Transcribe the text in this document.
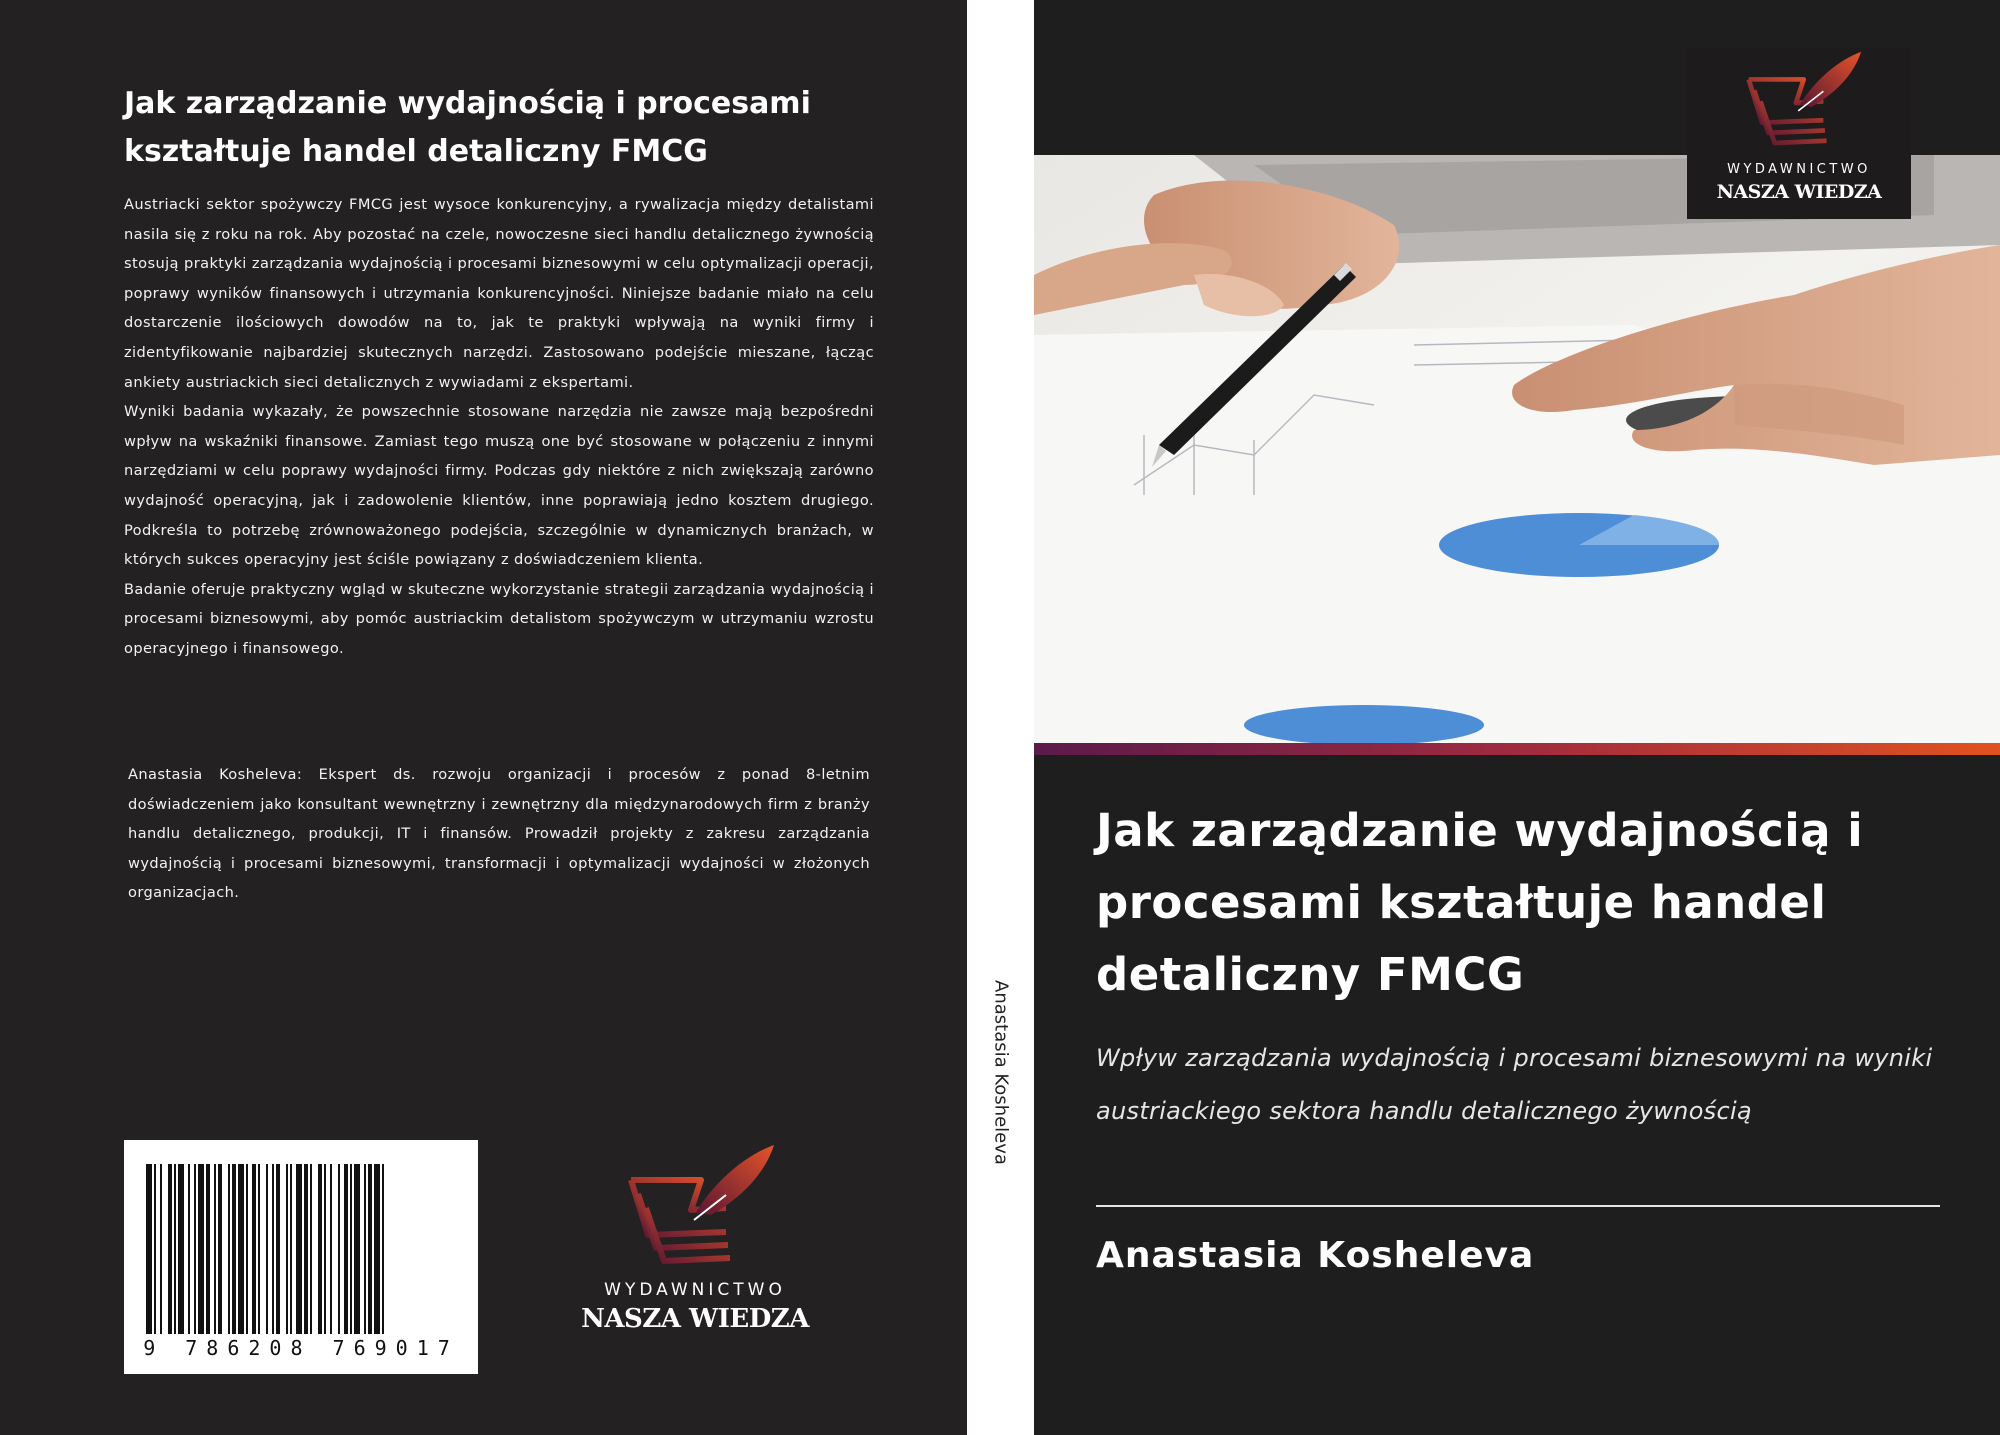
Jak zarządzanie wydajnością i procesami kształtuje handel detaliczny FMCG

Austriacki sektor spożywczy FMCG jest wysoce konkurencyjny, a rywalizacja między detalistami nasila się z roku na rok. Aby pozostać na czele, nowoczesne sieci handlu detalicznego żywnością stosują praktyki zarządzania wydajnością i procesami biznesowymi w celu optymalizacji operacji, poprawy wyników finansowych i utrzymania konkurencyjności. Niniejsze badanie miało na celu dostarczenie ilościowych dowodów na to, jak te praktyki wpływają na wyniki firmy i zidentyfikowanie najbardziej skutecznych narzędzi. Zastosowano podejście mieszane, łącząc ankiety austriackich sieci detalicznych z wywiadami z ekspertami.

Wyniki badania wykazały, że powszechnie stosowane narzędzia nie zawsze mają bezpośredni wpływ na wskaźniki finansowe. Zamiast tego muszą one być stosowane w połączeniu z innymi narzędziami w celu poprawy wydajności firmy. Podczas gdy niektóre z nich zwiększają zarówno wydajność operacyjną, jak i zadowolenie klientów, inne poprawiają jedno kosztem drugiego. Podkreśla to potrzebę zrównoważonego podejścia, szczególnie w dynamicznych branżach, w których sukces operacyjny jest ściśle powiązany z doświadczeniem klienta.

Badanie oferuje praktyczny wgląd w skuteczne wykorzystanie strategii zarządzania wydajnością i procesami biznesowymi, aby pomóc austriackim detalistom spożywczym w utrzymaniu wzrostu operacyjnego i finansowego.

Anastasia Kosheleva: Ekspert ds. rozwoju organizacji i procesów z ponad 8-letnim doświadczeniem jako konsultant wewnętrzny i zewnętrzny dla międzynarodowych firm z branży handlu detalicznego, produkcji, IT i finansów. Prowadził projekty z zakresu zarządzania wydajnością i procesami biznesowymi, transformacji i optymalizacji wydajności w złożonych organizacjach.

9 786208 769017
WYDAWNICTWO
NASZA WIEDZA
Anastasia Kosheleva
WYDAWNICTWO
NASZA WIEDZA
Jak zarządzanie wydajnością i procesami kształtuje handel detaliczny FMCG

Wpływ zarządzania wydajnością i procesami biznesowymi na wyniki austriackiego sektora handlu detalicznego żywnością

Anastasia Kosheleva
